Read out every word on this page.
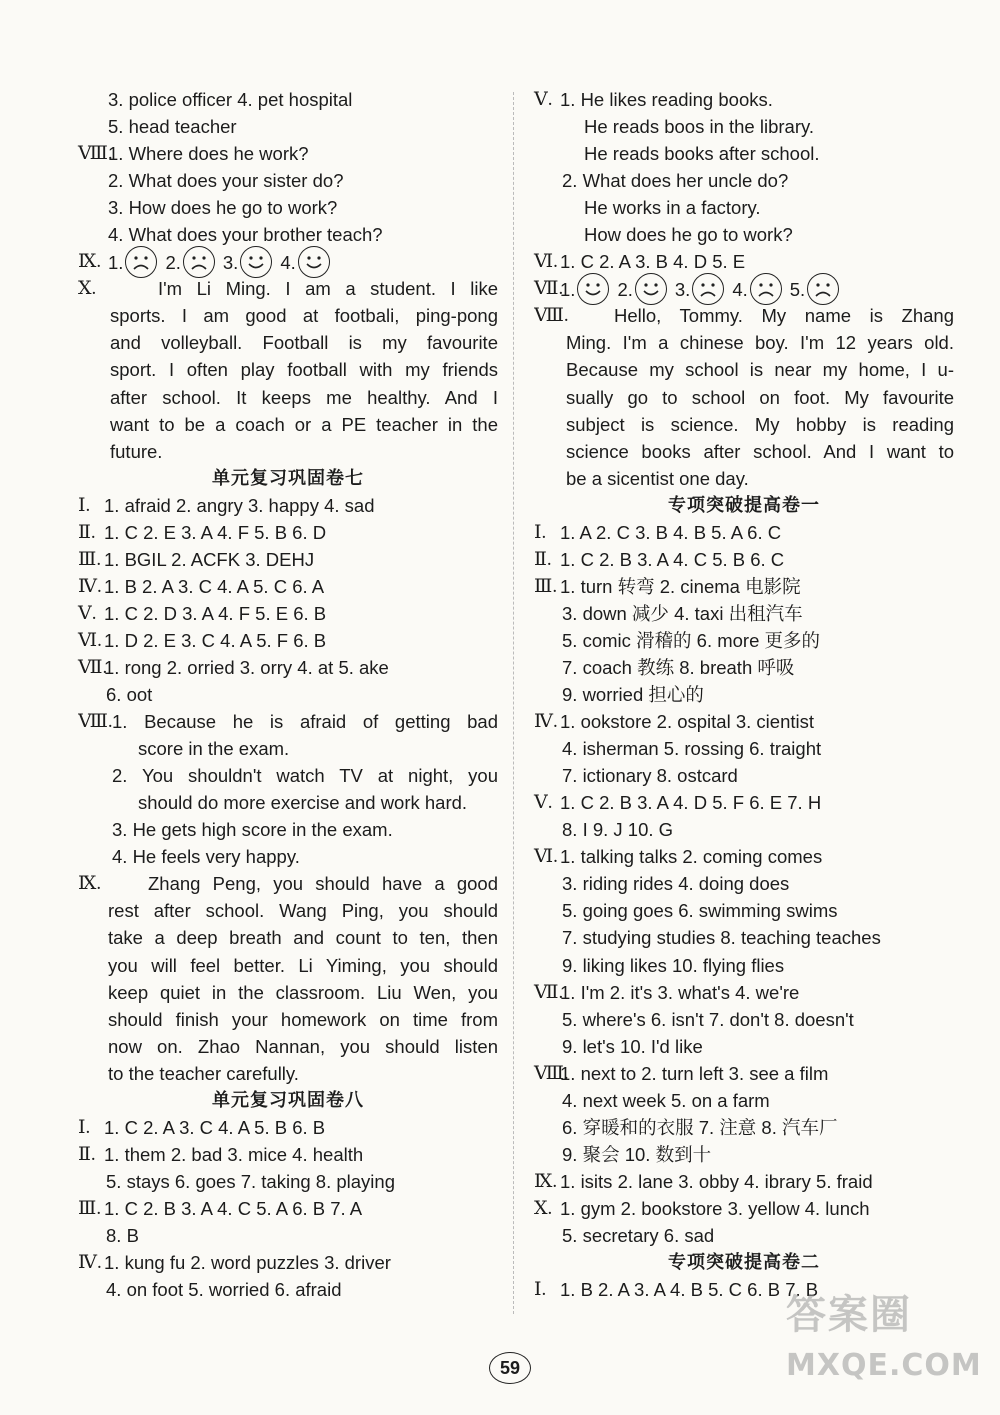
3. police officer 4. pet hospital
5. head teacher
Ⅷ.
1. Where does he work?
2. What does your sister do?
3. How does he go to work?
4. What does your brother teach?
Ⅸ. 1. 2. 3. 4.
Ⅹ.	I'm Li Ming. I am a student. I like
sports. I am good at footbali, ping-pong
and volleyball. Football is my favourite
sport. I often play football with my friends
after school. It keeps me healthy. And I
want to be a coach or a PE teacher in the
future.
单元复习巩固卷七
Ⅰ. 1. afraid 2. angry 3. happy 4. sad
Ⅱ. 1. C 2. E 3. A 4. F 5. B 6. D
Ⅲ. 1. BGIL 2. ACFK 3. DEHJ
Ⅳ. 1. B 2. A 3. C 4. A 5. C 6. A
Ⅴ. 1. C 2. D 3. A 4. F 5. E 6. B
Ⅵ. 1. D 2. E 3. C 4. A 5. F 6. B
Ⅶ.
1. rong 2. orried 3. orry 4. at 5. ake
6. oot
Ⅷ. 1. Because he is afraid of getting bad
score in the exam.
2. You shouldn't watch TV at night, you
should do more exercise and work hard.
3. He gets high score in the exam.
4. He feels very happy.
Ⅸ.	Zhang Peng, you should have a good
rest after school. Wang Ping, you should
take a deep breath and count to ten, then
you will feel better. Li Yiming, you should
keep quiet in the classroom. Liu Wen, you
should finish your homework on time from
now on. Zhao Nannan, you should listen
to the teacher carefully.
单元复习巩固卷八
Ⅰ. 1. C 2. A 3. C 4. A 5. B 6. B
Ⅱ. 1. them 2. bad 3. mice 4. health
5. stays 6. goes 7. taking 8. playing
Ⅲ. 1. C 2. B 3. A 4. C 5. A 6. B 7. A
8. B
Ⅳ. 1. kung fu 2. word puzzles 3. driver
4. on foot 5. worried 6. afraid
Ⅴ. 1. He likes reading books.
He reads boos in the library.
He reads books after school.
2. What does her uncle do?
He works in a factory.
How does he go to work?
Ⅵ. 1. C 2. A 3. B 4. D 5. E
Ⅶ.
1. 2. 3. 4. 5.
Ⅷ. Hello, Tommy. My name is Zhang
Ming. I'm a chinese boy. I'm 12 years old.
Because my school is near my home, I u-
sually go to school on foot. My favourite
subject is science. My hobby is reading
science books after school. And I want to
be a sicentist one day.
专项突破提高卷一
Ⅰ. 1. A 2. C 3. B 4. B 5. A 6. C
Ⅱ. 1. C 2. B 3. A 4. C 5. B 6. C
Ⅲ. 1. turn 转弯 2. cinema 电影院
3. down 减少 4. taxi 出租汽车
5. comic 滑稽的 6. more 更多的
7. coach 教练 8. breath 呼吸
9. worried 担心的
Ⅳ. 1. ookstore 2. ospital 3. cientist
4. isherman 5. rossing 6. traight
7. ictionary 8. ostcard
Ⅴ. 1. C 2. B 3. A 4. D 5. F 6. E 7. H
8. I 9. J 10. G
Ⅵ. 1. talking talks 2. coming comes
3. riding rides 4. doing does
5. going goes 6. swimming swims
7. studying studies 8. teaching teaches
9. liking likes 10. flying flies
Ⅶ.
1. I'm 2. it's 3. what's 4. we're
5. where's 6. isn't 7. don't 8. doesn't
9. let's 10. I'd like
Ⅷ.
1. next to 2. turn left 3. see a film
4. next week 5. on a farm
6. 穿暖和的衣服 7. 注意 8. 汽车厂
9. 聚会 10. 数到十
Ⅸ. 1. isits 2. lane 3. obby 4. ibrary 5. fraid
Ⅹ. 1. gym 2. bookstore 3. yellow 4. lunch
5. secretary 6. sad
专项突破提高卷二
Ⅰ. 1. B 2. A 3. A 4. B 5. C 6. B 7. B
59
答案圈
MXQE.COM
